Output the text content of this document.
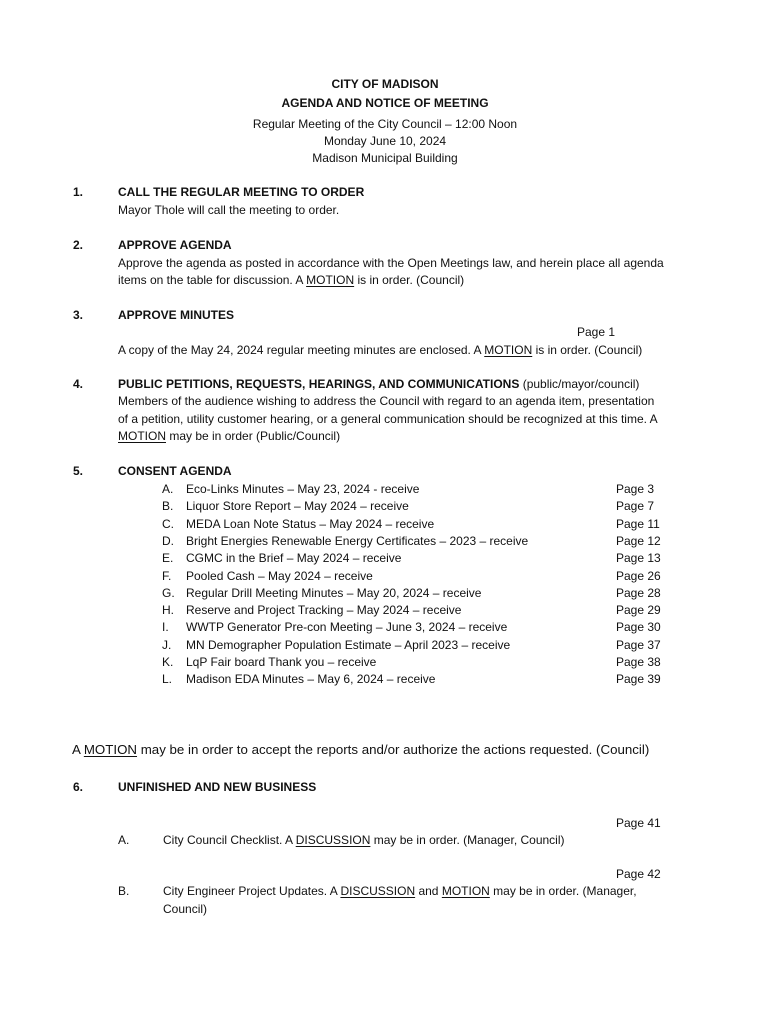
CITY OF MADISON
AGENDA AND NOTICE OF MEETING
Regular Meeting of the City Council – 12:00 Noon
Monday June 10, 2024
Madison Municipal Building
1.	CALL THE REGULAR MEETING TO ORDER
Mayor Thole will call the meeting to order.
2.	APPROVE AGENDA
Approve the agenda as posted in accordance with the Open Meetings law, and herein place all agenda
items on the table for discussion. A MOTION is in order. (Council)
3.	APPROVE MINUTES
Page 1
A copy of the May 24, 2024 regular meeting minutes are enclosed. A MOTION is in order. (Council)
4.	PUBLIC PETITIONS, REQUESTS, HEARINGS, AND COMMUNICATIONS (public/mayor/council)
Members of the audience wishing to address the Council with regard to an agenda item, presentation
of a petition, utility customer hearing, or a general communication should be recognized at this time. A
MOTION may be in order (Public/Council)
5.	CONSENT AGENDA
A. Eco-Links Minutes – May 23, 2024 - receive	Page 3
B. Liquor Store Report – May 2024 – receive	Page 7
C. MEDA Loan Note Status – May 2024 – receive	Page 11
D. Bright Energies Renewable Energy Certificates – 2023 – receive	Page 12
E. CGMC in the Brief – May 2024 – receive	Page 13
F. Pooled Cash – May 2024 – receive	Page 26
G. Regular Drill Meeting Minutes – May 20, 2024 – receive	Page 28
H. Reserve and Project Tracking – May 2024 – receive	Page 29
I. WWTP Generator Pre-con Meeting – June 3, 2024 – receive	Page 30
J. MN Demographer Population Estimate – April 2023 – receive	Page 37
K. LqP Fair board Thank you – receive	Page 38
L. Madison EDA Minutes – May 6, 2024 – receive	Page 39
A MOTION may be in order to accept the reports and/or authorize the actions requested. (Council)
6.	UNFINISHED AND NEW BUSINESS
Page 41
A.	City Council Checklist. A DISCUSSION may be in order. (Manager, Council)
Page 42
B.	City Engineer Project Updates. A DISCUSSION and MOTION may be in order. (Manager,
Council)
